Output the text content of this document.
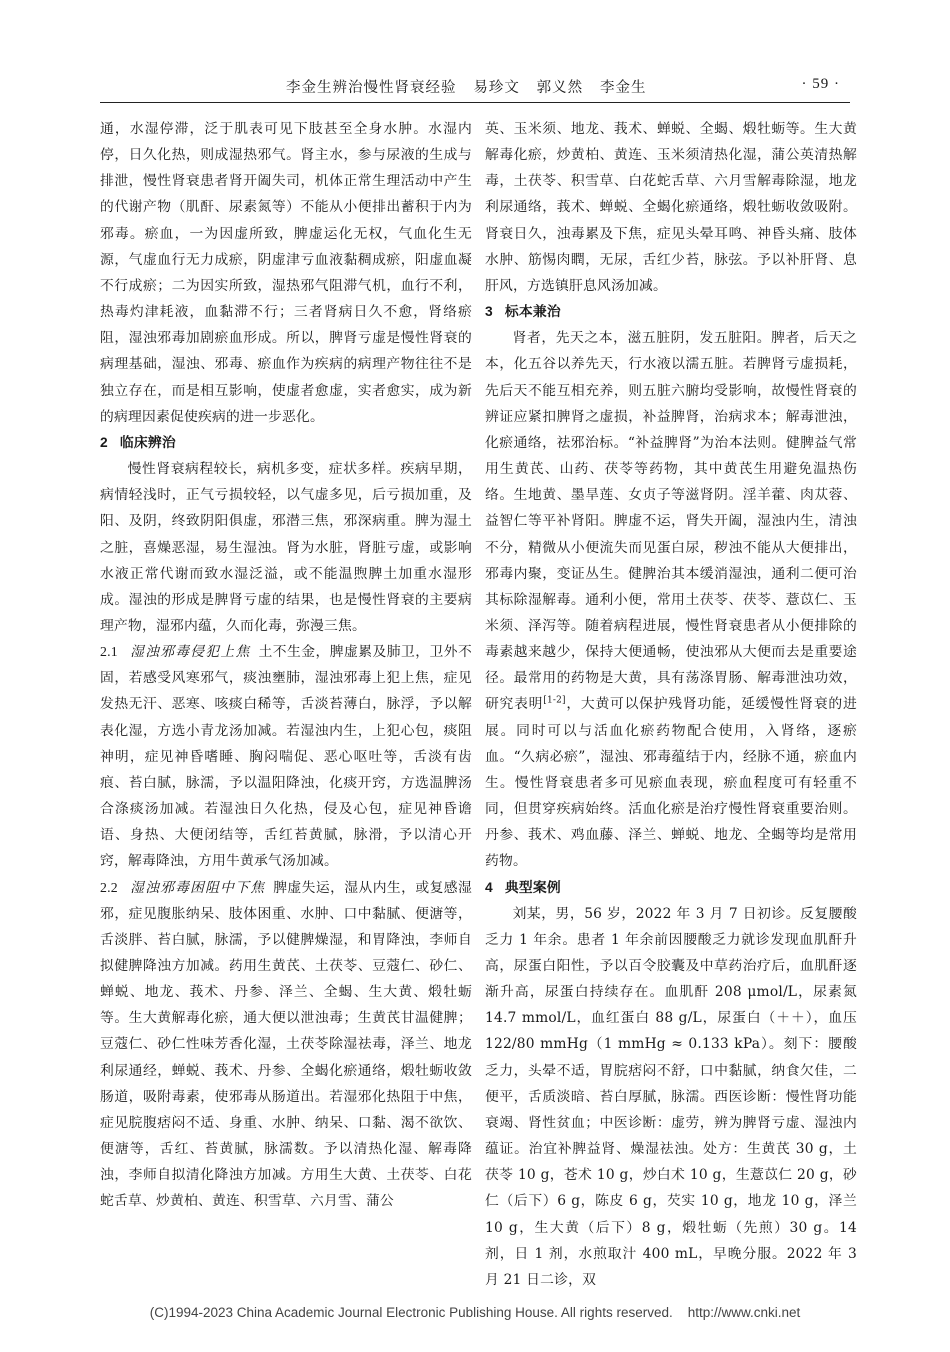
李金生辨治慢性肾衰经验   易珍文   郭义然   李金生	· 59 ·

通，水湿停滞，泛于肌表可见下肢甚至全身水肿。水湿内停，日久化热，则成湿热邪气。肾主水，参与尿液的生成与排泄，慢性肾衰患者肾开阖失司，机体正常生理活动中产生的代谢产物（肌酐、尿素氮等）不能从小便排出蓄积于内为邪毒。瘀血，一为因虚所致，脾虚运化无权，气血化生无源，气虚血行无力成瘀，阴虚津亏血液黏稠成瘀，阳虚血凝不行成瘀；二为因实所致，湿热邪气阻滞气机，血行不利，热毒灼津耗液，血黏滞不行；三者肾病日久不愈，肾络瘀阻，湿浊邪毒加剧瘀血形成。所以，脾肾亏虚是慢性肾衰的病理基础，湿浊、邪毒、瘀血作为疾病的病理产物往往不是独立存在，而是相互影响，使虚者愈虚，实者愈实，成为新的病理因素促使疾病的进一步恶化。

2 临床辨治

慢性肾衰病程较长，病机多变，症状多样。疾病早期，病情轻浅时，正气亏损较轻，以气虚多见，后亏损加重，及阳、及阴，终致阴阳俱虚，邪潜三焦，邪深病重。脾为湿土之脏，喜燥恶湿，易生湿浊。肾为水脏，肾脏亏虚，或影响水液正常代谢而致水湿泛溢，或不能温煦脾土加重水湿形成。湿浊的形成是脾肾亏虚的结果，也是慢性肾衰的主要病理产物，湿邪内蕴，久而化毒，弥漫三焦。

2.1 湿浊邪毒侵犯上焦 土不生金，脾虚累及肺卫，卫外不固，若感受风寒邪气，痰浊壅肺，湿浊邪毒上犯上焦，症见发热无汗、恶寒、咳痰白稀等，舌淡苔薄白，脉浮，予以解表化湿，方选小青龙汤加减。若湿浊内生，上犯心包，痰阻神明，症见神昏嗜睡、胸闷喘促、恶心呕吐等，舌淡有齿痕、苔白腻，脉濡，予以温阳降浊，化痰开窍，方选温脾汤合涤痰汤加减。若湿浊日久化热，侵及心包，症见神昏谵语、身热、大便闭结等，舌红苔黄腻，脉滑，予以清心开窍，解毒降浊，方用牛黄承气汤加减。

2.2 湿浊邪毒困阻中下焦 脾虚失运，湿从内生，或复感湿邪，症见腹胀纳呆、肢体困重、水肿、口中黏腻、便溏等，舌淡胖、苔白腻，脉濡，予以健脾燥湿，和胃降浊，李师自拟健脾降浊方加减。药用生黄芪、土茯苓、豆蔻仁、砂仁、蝉蜕、地龙、莪术、丹参、泽兰、全蝎、生大黄、煅牡蛎等。生大黄解毒化瘀，通大便以泄浊毒；生黄芪甘温健脾；豆蔻仁、砂仁性味芳香化湿，土茯苓除湿祛毒，泽兰、地龙利尿通经，蝉蜕、莪术、丹参、全蝎化瘀通络，煅牡蛎收敛肠道，吸附毒素，使邪毒从肠道出。若湿邪化热阻于中焦，症见脘腹痞闷不适、身重、水肿、纳呆、口黏、渴不欲饮、便溏等，舌红、苔黄腻，脉濡数。予以清热化湿、解毒降浊，李师自拟清化降浊方加减。方用生大黄、土茯苓、白花蛇舌草、炒黄柏、黄连、积雪草、六月雪、蒲公

英、玉米须、地龙、莪术、蝉蜕、全蝎、煅牡蛎等。生大黄解毒化瘀，炒黄柏、黄连、玉米须清热化湿，蒲公英清热解毒，土茯苓、积雪草、白花蛇舌草、六月雪解毒除湿，地龙利尿通络，莪术、蝉蜕、全蝎化瘀通络，煅牡蛎收敛吸附。肾衰日久，浊毒累及下焦，症见头晕耳鸣、神昏头痛、肢体水肿、筋惕肉瞤，无尿，舌红少苔，脉弦。予以补肝肾、息肝风，方选镇肝息风汤加减。

3 标本兼治

肾者，先天之本，滋五脏阴，发五脏阳。脾者，后天之本，化五谷以养先天，行水液以濡五脏。若脾肾亏虚损耗，先后天不能互相充养，则五脏六腑均受影响，故慢性肾衰的辨证应紧扣脾肾之虚损，补益脾肾，治病求本；解毒泄浊，化瘀通络，祛邪治标。“补益脾肾”为治本法则。健脾益气常用生黄芪、山药、茯苓等药物，其中黄芪生用避免温热伤络。生地黄、墨旱莲、女贞子等滋肾阴。淫羊藿、肉苁蓉、益智仁等平补肾阳。脾虚不运，肾失开阖，湿浊内生，清浊不分，精微从小便流失而见蛋白尿，秽浊不能从大便排出，邪毒内聚，变证丛生。健脾治其本缓消湿浊，通利二便可治其标除湿解毒。通利小便，常用土茯苓、茯苓、薏苡仁、玉米须、泽泻等。随着病程进展，慢性肾衰患者从小便排除的毒素越来越少，保持大便通畅，使浊邪从大便而去是重要途径。最常用的药物是大黄，具有荡涤胃肠、解毒泄浊功效，研究表明[1-2]，大黄可以保护残肾功能，延缓慢性肾衰的进展。同时可以与活血化瘀药物配合使用，入肾络，逐瘀血。“久病必瘀”，湿浊、邪毒蕴结于内，经脉不通，瘀血内生。慢性肾衰患者多可见瘀血表现，瘀血程度可有轻重不同，但贯穿疾病始终。活血化瘀是治疗慢性肾衰重要治则。丹参、莪术、鸡血藤、泽兰、蝉蜕、地龙、全蝎等均是常用药物。

4 典型案例

刘某，男，56 岁，2022 年 3 月 7 日初诊。反复腰酸乏力 1 年余。患者 1 年余前因腰酸乏力就诊发现血肌酐升高，尿蛋白阳性，予以百令胶囊及中草药治疗后，血肌酐逐渐升高，尿蛋白持续存在。血肌酐 208 μmol/L，尿素氮 14.7 mmol/L，血红蛋白 88 g/L，尿蛋白（＋＋），血压 122/80 mmHg（1 mmHg ≈ 0.133 kPa）。刻下：腰酸乏力，头晕不适，胃脘痞闷不舒，口中黏腻，纳食欠佳，二便平，舌质淡暗、苔白厚腻，脉濡。西医诊断：慢性肾功能衰竭、肾性贫血；中医诊断：虚劳，辨为脾肾亏虚、湿浊内蕴证。治宜补脾益肾、燥湿祛浊。处方：生黄芪 30 g，土茯苓 10 g，苍术 10 g，炒白术 10 g，生薏苡仁 20 g，砂仁（后下）6 g，陈皮 6 g，芡实 10 g，地龙 10 g，泽兰 10 g，生大黄（后下）8 g，煅牡蛎（先煎）30 g。14 剂，日 1 剂，水煎取汁 400 mL，早晚分服。2022 年 3 月 21 日二诊，双

(C)1994-2023 China Academic Journal Electronic Publishing House. All rights reserved.    http://www.cnki.net
